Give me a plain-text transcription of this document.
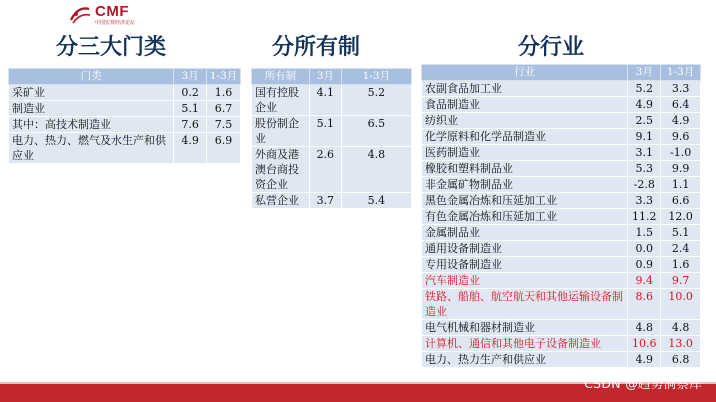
CMF
中国宏观经济论坛
分三大门类	分所有制	分行业
门类	3月	1-3月
采矿业	0.2	1.6
制造业	5.1	6.7
其中：高技术制造业	7.6	7.5
电力、热力、燃气及水生产和供应业	4.9	6.9
所有制	3月	1-3月
国有控股企业	4.1	5.2
股份制企业	5.1	6.5
外商及港澳台商投资企业	2.6	4.8
私营企业	3.7	5.4
行业	3月	1-3月
农副食品加工业	5.2	3.3
食品制造业	4.9	6.4
纺织业	2.5	4.9
化学原料和化学品制造业	9.1	9.6
医药制造业	3.1	-1.0
橡胶和塑料制品业	5.3	9.9
非金属矿物制品业	-2.8	1.1
黑色金属冶炼和压延加工业	3.3	6.6
有色金属冶炼和压延加工业	11.2	12.0
金属制品业	1.5	5.1
通用设备制造业	0.0	2.4
专用设备制造业	0.9	1.6
汽车制造业	9.4	9.7
铁路、船舶、航空航天和其他运输设备制造业	8.6	10.0
电气机械和器材制造业	4.8	4.8
计算机、通信和其他电子设备制造业	10.6	13.0
电力、热力生产和供应业	4.9	6.8
CSDN @趋势洞察库
